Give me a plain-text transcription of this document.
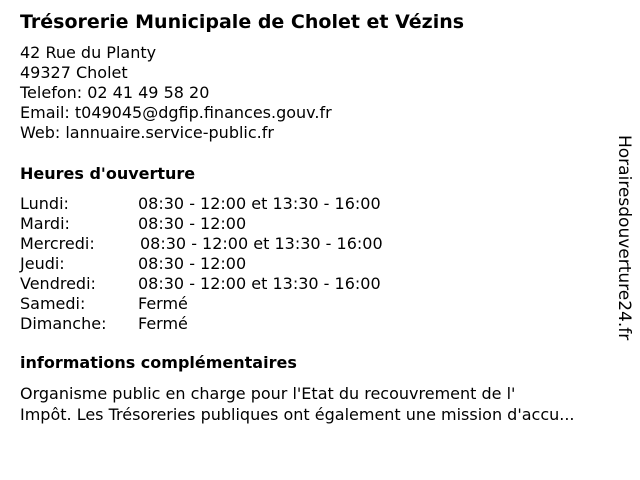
Trésorerie Municipale de Cholet et Vézins
42 Rue du Planty
49327 Cholet
Telefon: 02 41 49 58 20
Email: t049045@dgfip.finances.gouv.fr
Web: lannuaire.service-public.fr
Heures d'ouverture
Lundi:	08:30 - 12:00 et 13:30 - 16:00
Mardi:	08:30 - 12:00
Mercredi:	08:30 - 12:00 et 13:30 - 16:00
Jeudi:	08:30 - 12:00
Vendredi:	08:30 - 12:00 et 13:30 - 16:00
Samedi:	Fermé
Dimanche: Fermé
informations complémentaires
Organisme public en charge pour l'Etat du recouvrement de l'
Impôt. Les Trésoreries publiques ont également une mission d'accu...
Horairesdouverture24.fr
